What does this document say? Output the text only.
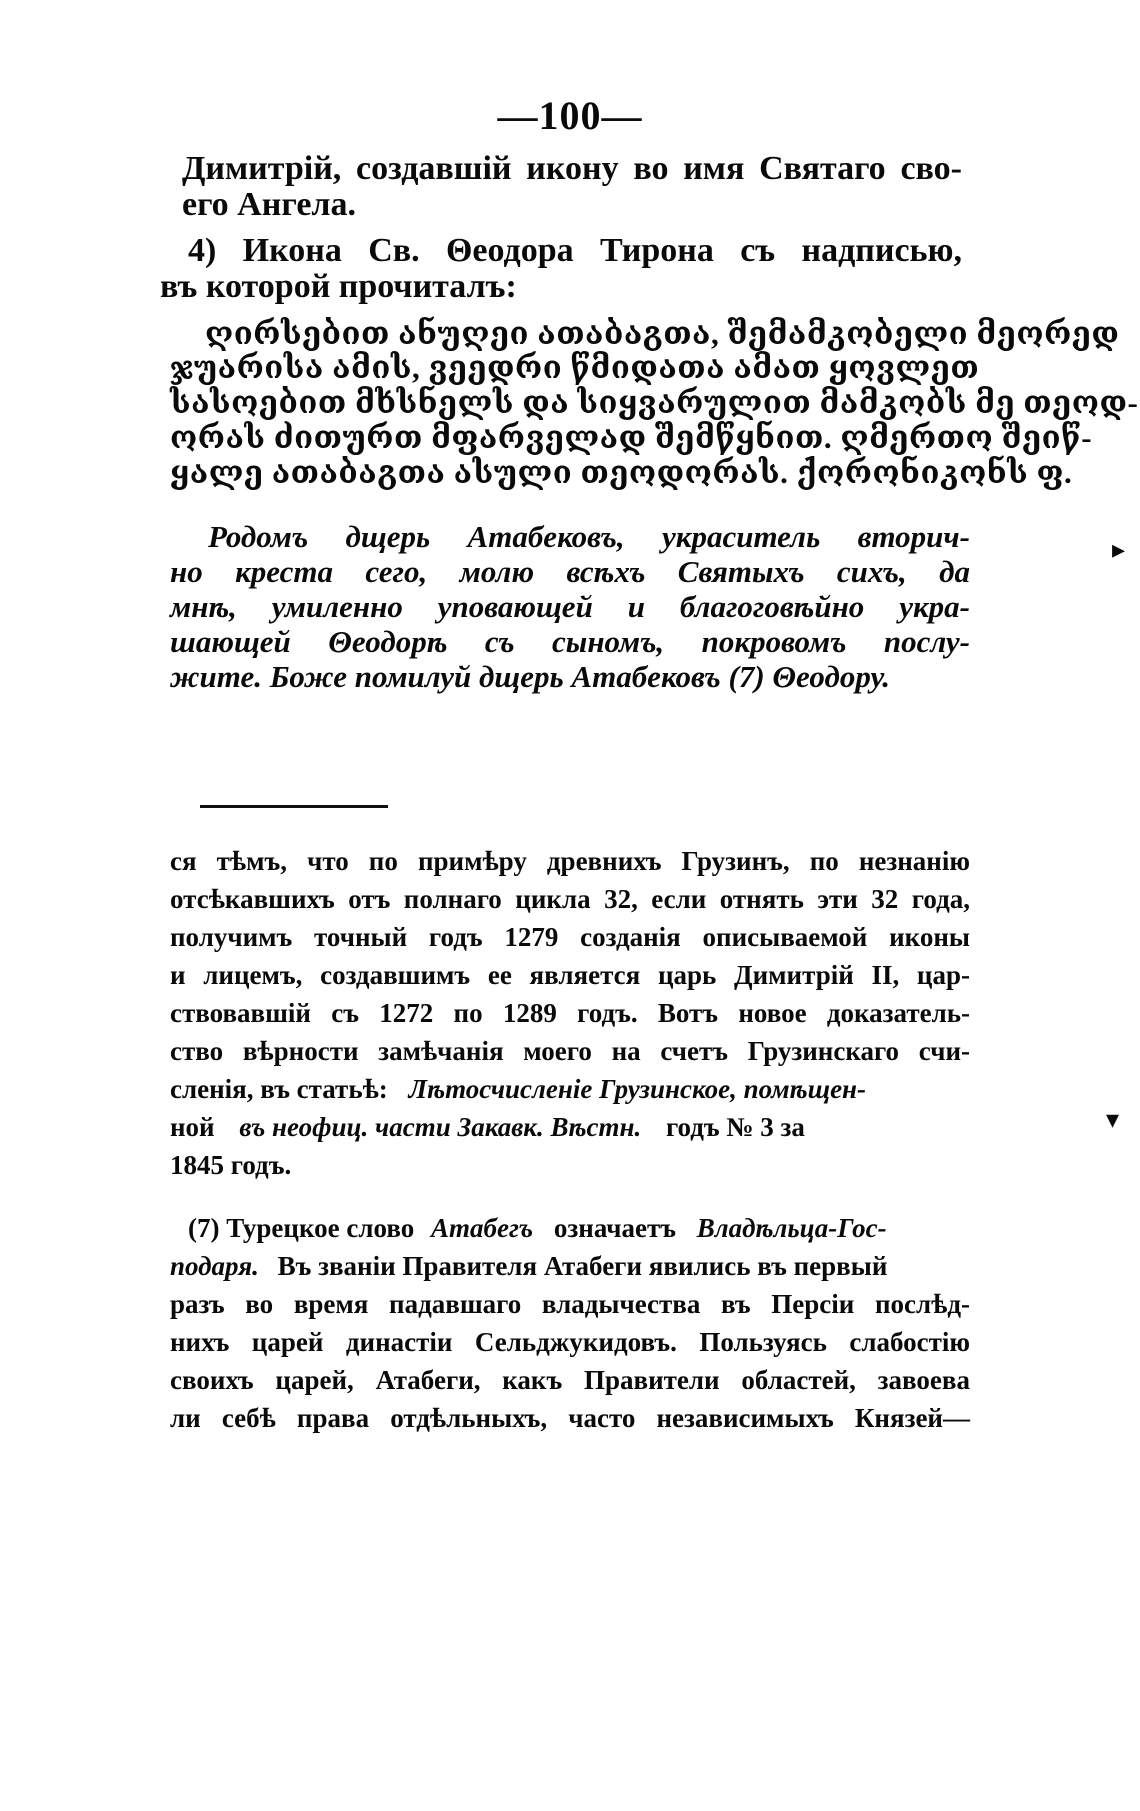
—100—
Димитрій, создавшій икону во имя Святаго сво-
его Ангела.
4) Икона Св. Θеодора Тирона съ надписью,
въ которой прочиталъ:
ღირსებით ანუღეი ათაბაგთა, შემამკობელი მეორედ
ჯუარისა ამის, ვეედრი წმიდათა ამათ ყოვლეთ
სასოებით მხსნელს და სიყვარულით მამკობს მე თეოდ-
ორას ძითურთ მფარველად შემწყნით. ღმერთო შეიწ-
ყალე ათაბაგთა ასული თეოდორას. ქორონიკონს ფ.
Родомъ дщерь Атабековъ, украситель вторич-
но креста сего, молю всѣхъ Святыхъ сихъ, да
мнѣ, умиленно уповающей и благоговѣйно укра-
шающей Θеодорѣ съ сыномъ, покровомъ послу-
жите. Боже помилуй дщерь Атабековъ (7) Θеодору.
ся тѣмъ, что по примѣру древнихъ Грузинъ, по незнанію
отсѣкавшихъ отъ полнаго цикла 32, если отнять эти 32 года,
получимъ точный годъ 1279 созданія описываемой иконы
и лицемъ, создавшимъ ее является царь Димитрій II, цар-
ствовавшій съ 1272 по 1289 годъ. Вотъ новое доказатель-
ство вѣрности замѣчанія моего на счетъ Грузинскаго счи-
сленія, въ статьѣ: Лѣтосчисленіе Грузинское, помѣщен-
ной въ неофиц. части Закавк. Вѣстн. годъ № 3 за
1845 годъ.
(7) Турецкое слово Атабегъ означаетъ Владѣльца-Гос-
подаря. Въ званіи Правителя Атабеги явились въ первый
разъ во время падавшаго владычества въ Персіи послѣд-
нихъ царей династіи Сельджукидовъ. Пользуясь слабостію
своихъ царей, Атабеги, какъ Правители областей, завоева
ли себѣ права отдѣльныхъ, часто независимыхъ Князей—
▸
▾
